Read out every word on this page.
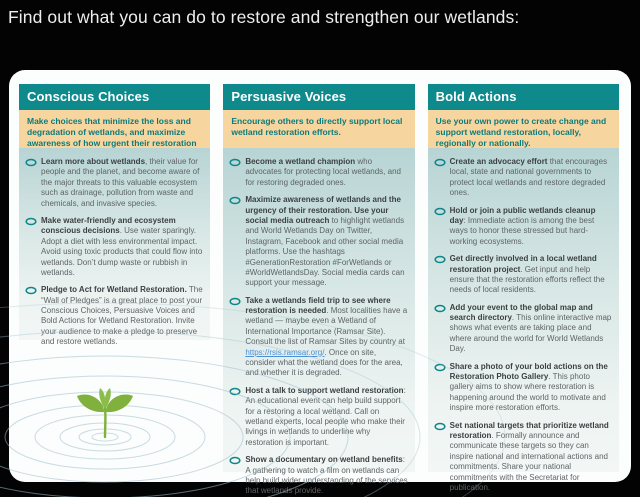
Find out what you can do to restore and strengthen our wetlands:
Conscious Choices
Make choices that minimize the loss and degradation of wetlands, and maximize awareness of how urgent their restoration
Learn more about wetlands, their value for people and the planet, and become aware of the major threats to this valuable ecosystem such as drainage, pollution from waste and chemicals, and invasive species.
Make water-friendly and ecosystem conscious decisions. Use water sparingly. Adopt a diet with less environmental impact. Avoid using toxic products that could flow into wetlands. Don’t dump waste or rubbish in wetlands.
Pledge to Act for Wetland Restoration. The “Wall of Pledges” is a great place to post your Conscious Choices, Persuasive Voices and Bold Actions for Wetland Restoration. Invite your audience to make a pledge to preserve and restore wetlands.
Persuasive Voices
Encourage others to directly support local wetland restoration efforts.
Become a wetland champion who advocates for protecting local wetlands, and for restoring degraded ones.
Maximize awareness of wetlands and the urgency of their restoration. Use your social media outreach to highlight wetlands and World Wetlands Day on Twitter, Instagram, Facebook and other social media platforms. Use the hashtags #GenerationRestoration #ForWetlands or #WorldWetlandsDay. Social media cards can support your message.
Take a wetlands field trip to see where restoration is needed. Most localities have a wetland — maybe even a Wetland of International Importance (Ramsar Site). Consult the list of Ramsar Sites by country at https://rsis.ramsar.org/. Once on site, consider what the wetland does for the area, and whether it is degraded.
Host a talk to support wetland restoration: An educational event can help build support for a restoring a local wetland. Call on wetland experts, local people who make their livings in wetlands to underline why restoration is important.
Show a documentary on wetland benefits: A gathering to watch a film on wetlands can help build wider understanding of the services that wetlands provide.
Bold Actions
Use your own power to create change and support wetland restoration, locally, regionally or nationally.
Create an advocacy effort that encourages local, state and national governments to protect local wetlands and restore degraded ones.
Hold or join a public wetlands cleanup day: Immediate action is among the best ways to honor these stressed but hard-working ecosystems.
Get directly involved in a local wetland restoration project. Get input and help ensure that the restoration efforts reflect the needs of local residents.
Add your event to the global map and search directory. This online interactive map shows what events are taking place and where around the world for World Wetlands Day.
Share a photo of your bold actions on the Restoration Photo Gallery. This photo gallery aims to show where restoration is happening around the world to motivate and inspire more restoration efforts.
Set national targets that prioritize wetland restoration. Formally announce and communicate these targets so they can inspire national and international actions and commitments. Share your national commitments with the Secretariat for publication.
